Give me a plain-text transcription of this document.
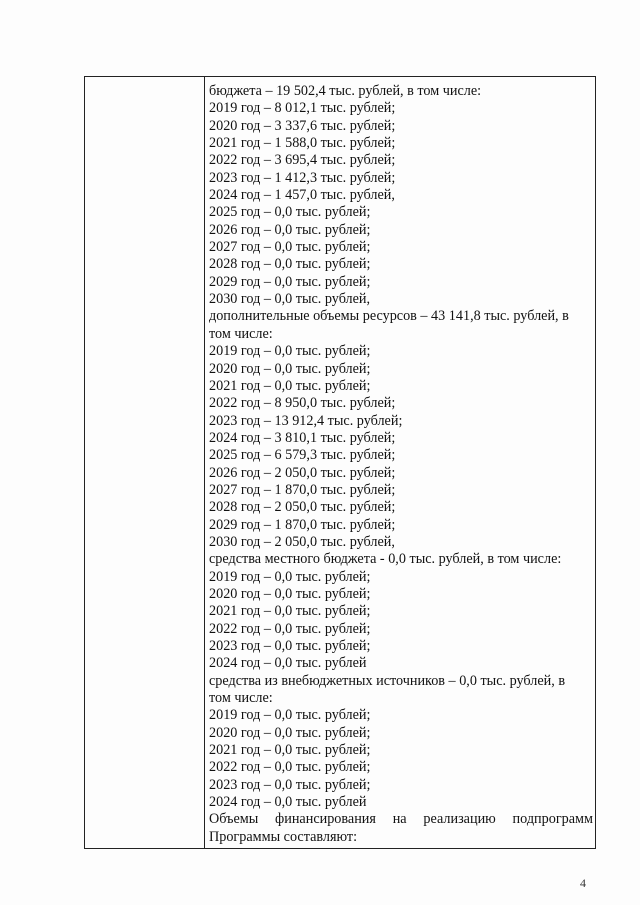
бюджета – 19 502,4 тыс. рублей, в том числе:
2019 год – 8 012,1 тыс. рублей;
2020 год – 3 337,6 тыс. рублей;
2021 год – 1 588,0 тыс. рублей;
2022 год – 3 695,4 тыс. рублей;
2023 год – 1 412,3 тыс. рублей;
2024 год – 1 457,0 тыс. рублей,
2025 год – 0,0 тыс. рублей;
2026 год – 0,0 тыс. рублей;
2027 год – 0,0 тыс. рублей;
2028 год – 0,0 тыс. рублей;
2029 год – 0,0 тыс. рублей;
2030 год – 0,0 тыс. рублей,
дополнительные объемы ресурсов – 43 141,8 тыс. рублей, в
том числе:
2019 год – 0,0 тыс. рублей;
2020 год – 0,0 тыс. рублей;
2021 год – 0,0 тыс. рублей;
2022 год – 8 950,0 тыс. рублей;
2023 год – 13 912,4 тыс. рублей;
2024 год – 3 810,1 тыс. рублей;
2025 год – 6 579,3 тыс. рублей;
2026 год – 2 050,0 тыс. рублей;
2027 год – 1 870,0 тыс. рублей;
2028 год – 2 050,0 тыс. рублей;
2029 год – 1 870,0 тыс. рублей;
2030 год – 2 050,0 тыс. рублей,
средства местного бюджета - 0,0 тыс. рублей, в том числе:
2019 год – 0,0 тыс. рублей;
2020 год – 0,0 тыс. рублей;
2021 год – 0,0 тыс. рублей;
2022 год – 0,0 тыс. рублей;
2023 год – 0,0 тыс. рублей;
2024 год – 0,0 тыс. рублей
средства из внебюджетных источников – 0,0 тыс. рублей, в
том числе:
2019 год – 0,0 тыс. рублей;
2020 год – 0,0 тыс. рублей;
2021 год – 0,0 тыс. рублей;
2022 год – 0,0 тыс. рублей;
2023 год – 0,0 тыс. рублей;
2024 год – 0,0 тыс. рублей
Объемы финансирования на реализацию подпрограмм
Программы составляют:
4
